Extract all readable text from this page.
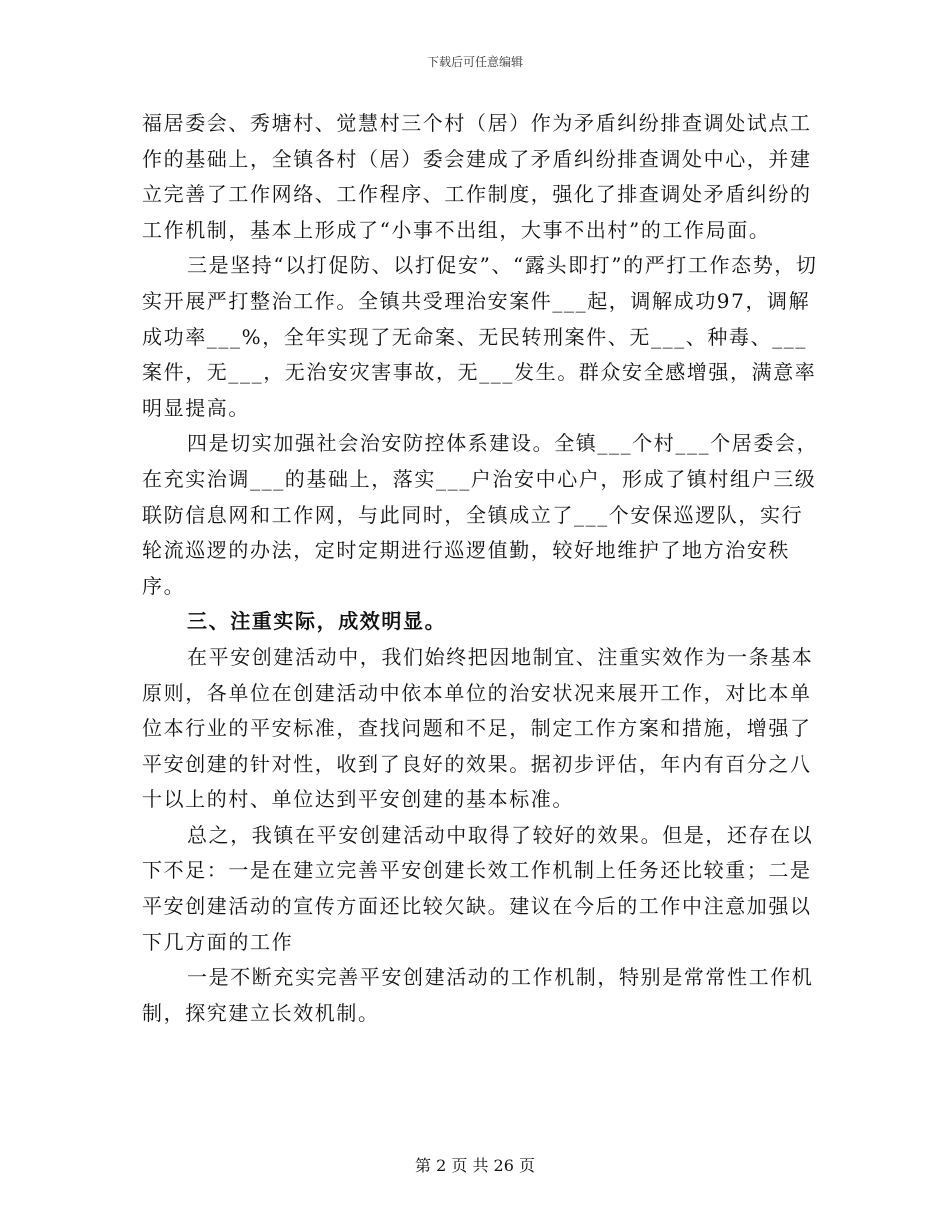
下载后可任意编辑

福居委会、秀塘村、觉慧村三个村（居）作为矛盾纠纷排查调处试点工作的基础上，全镇各村（居）委会建成了矛盾纠纷排查调处中心，并建立完善了工作网络、工作程序、工作制度，强化了排查调处矛盾纠纷的工作机制，基本上形成了“小事不出组，大事不出村”的工作局面。

三是坚持“以打促防、以打促安”、“露头即打”的严打工作态势，切实开展严打整治工作。全镇共受理治安案件___起，调解成功97，调解成功率___%，全年实现了无命案、无民转刑案件、无___、种毒、___案件，无___，无治安灾害事故，无___发生。群众安全感增强，满意率明显提高。

四是切实加强社会治安防控体系建设。全镇___个村___个居委会，在充实治调___的基础上，落实___户治安中心户，形成了镇村组户三级联防信息网和工作网，与此同时，全镇成立了___个安保巡逻队，实行轮流巡逻的办法，定时定期进行巡逻值勤，较好地维护了地方治安秩序。

三、注重实际，成效明显。

在平安创建活动中，我们始终把因地制宜、注重实效作为一条基本原则，各单位在创建活动中依本单位的治安状况来展开工作，对比本单位本行业的平安标准，查找问题和不足，制定工作方案和措施，增强了平安创建的针对性，收到了良好的效果。据初步评估，年内有百分之八十以上的村、单位达到平安创建的基本标准。

总之，我镇在平安创建活动中取得了较好的效果。但是，还存在以下不足：一是在建立完善平安创建长效工作机制上任务还比较重；二是平安创建活动的宣传方面还比较欠缺。建议在今后的工作中注意加强以下几方面的工作

一是不断充实完善平安创建活动的工作机制，特别是常常性工作机制，探究建立长效机制。

第 2 页 共 26 页
